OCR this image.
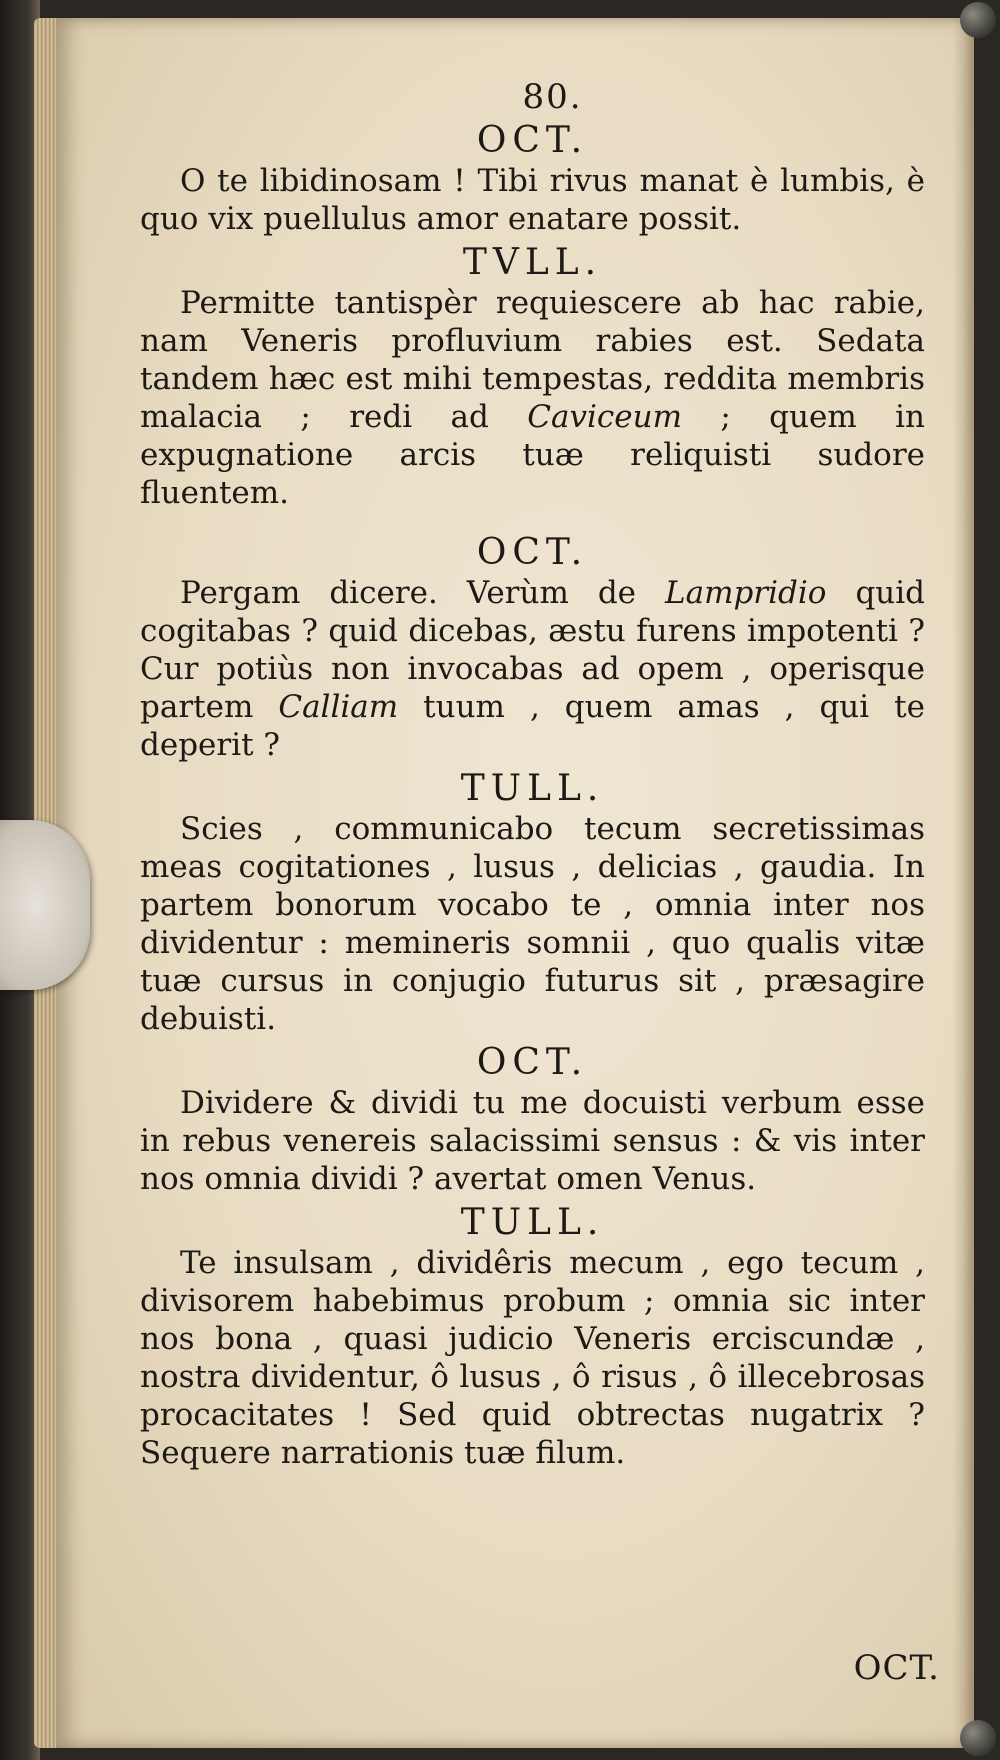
80.
OCT.

O te libidinosam ! Tibi rivus manat è lumbis, è quo vix puellulus amor enatare possit.

TVLL.

Permitte tantispèr requiescere ab hac rabie, nam Veneris profluvium rabies est. Sedata tandem hæc est mihi tempestas, reddita membris malacia ; redi ad Caviceum ; quem in expugnatione arcis tuæ reliquisti sudore fluentem.

OCT.

Pergam dicere. Verùm de Lampridio quid cogitabas ? quid dicebas, æstu furens impotenti ? Cur potiùs non invocabas ad opem , operisque partem Calliam tuum , quem amas , qui te deperit ?

TULL.

Scies , communicabo tecum secretissimas meas cogitationes , lusus , delicias , gaudia. In partem bonorum vocabo te , omnia inter nos dividentur : memineris somnii , quo qualis vitæ tuæ cursus in conjugio futurus sit , præsagire debuisti.

OCT.

Dividere & dividi tu me docuisti verbum esse in rebus venereis salacissimi sensus : & vis inter nos omnia dividi ? avertat omen Venus.

TULL.

Te insulsam , dividêris mecum , ego tecum , divisorem habebimus probum ; omnia sic inter nos bona , quasi judicio Veneris erciscundæ , nostra dividentur, ô lusus , ô risus , ô illecebrosas procacitates ! Sed quid obtrectas nugatrix ? Sequere narrationis tuæ filum.

OCT.
